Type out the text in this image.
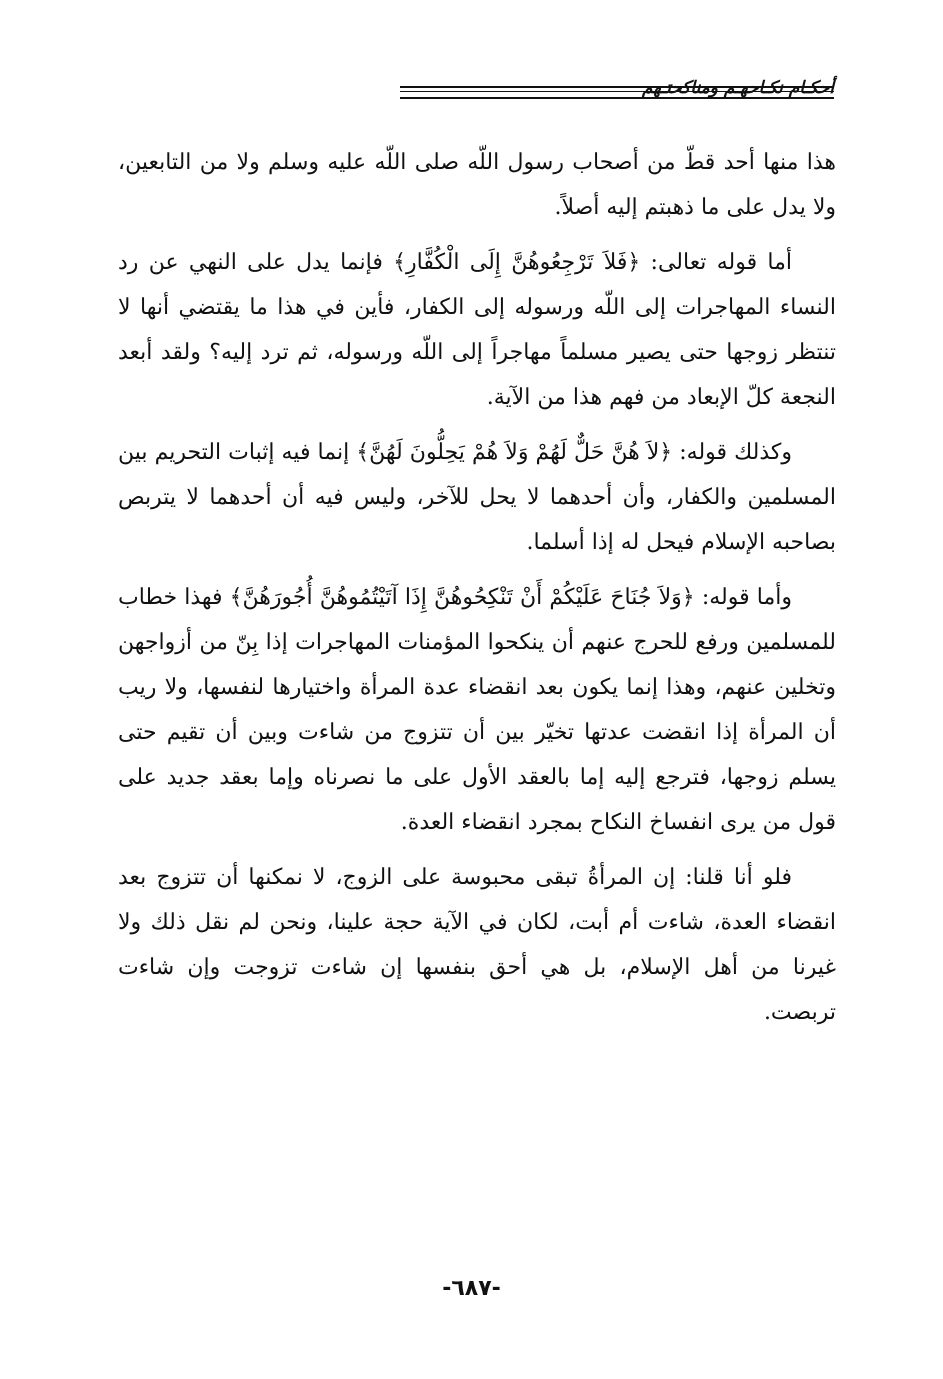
أحكـام نكـاحهـم ومناكحتـهم

هذا منها أحد قطّ من أصحاب رسول اللّه صلى اللّه عليه وسلم ولا من التابعين، ولا يدل على ما ذهبتم إليه أصلاً.

أما قوله تعالى: ﴿فَلاَ تَرْجِعُوهُنَّ إِلَى الْكُفَّارِ﴾ فإنما يدل على النهي عن رد النساء المهاجرات إلى اللّه ورسوله إلى الكفار، فأين في هذا ما يقتضي أنها لا تنتظر زوجها حتى يصير مسلماً مهاجراً إلى اللّه ورسوله، ثم ترد إليه؟ ولقد أبعد النجعة كلّ الإبعاد من فهم هذا من الآية.

وكذلك قوله: ﴿لاَ هُنَّ حَلٌّ لَهُمْ وَلاَ هُمْ يَحِلُّونَ لَهُنَّ﴾ إنما فيه إثبات التحريم بين المسلمين والكفار، وأن أحدهما لا يحل للآخر، وليس فيه أن أحدهما لا يتربص بصاحبه الإسلام فيحل له إذا أسلما.

وأما قوله: ﴿وَلاَ جُنَاحَ عَلَيْكُمْ أَنْ تَنْكِحُوهُنَّ إِذَا آتَيْتُمُوهُنَّ أُجُورَهُنَّ﴾ فهذا خطاب للمسلمين ورفع للحرج عنهم أن ينكحوا المؤمنات المهاجرات إذا بِنّ من أزواجهن وتخلين عنهم، وهذا إنما يكون بعد انقضاء عدة المرأة واختيارها لنفسها، ولا ريب أن المرأة إذا انقضت عدتها تخيّر بين أن تتزوج من شاءت وبين أن تقيم حتى يسلم زوجها، فترجع إليه إما بالعقد الأول على ما نصرناه وإما بعقد جديد على قول من يرى انفساخ النكاح بمجرد انقضاء العدة.

فلو أنا قلنا: إن المرأةُ تبقى محبوسة على الزوج، لا نمكنها أن تتزوج بعد انقضاء العدة، شاءت أم أبت، لكان في الآية حجة علينا، ونحن لم نقل ذلك ولا غيرنا من أهل الإسلام، بل هي أحق بنفسها إن شاءت تزوجت وإن شاءت تربصت.

-٦٨٧-
